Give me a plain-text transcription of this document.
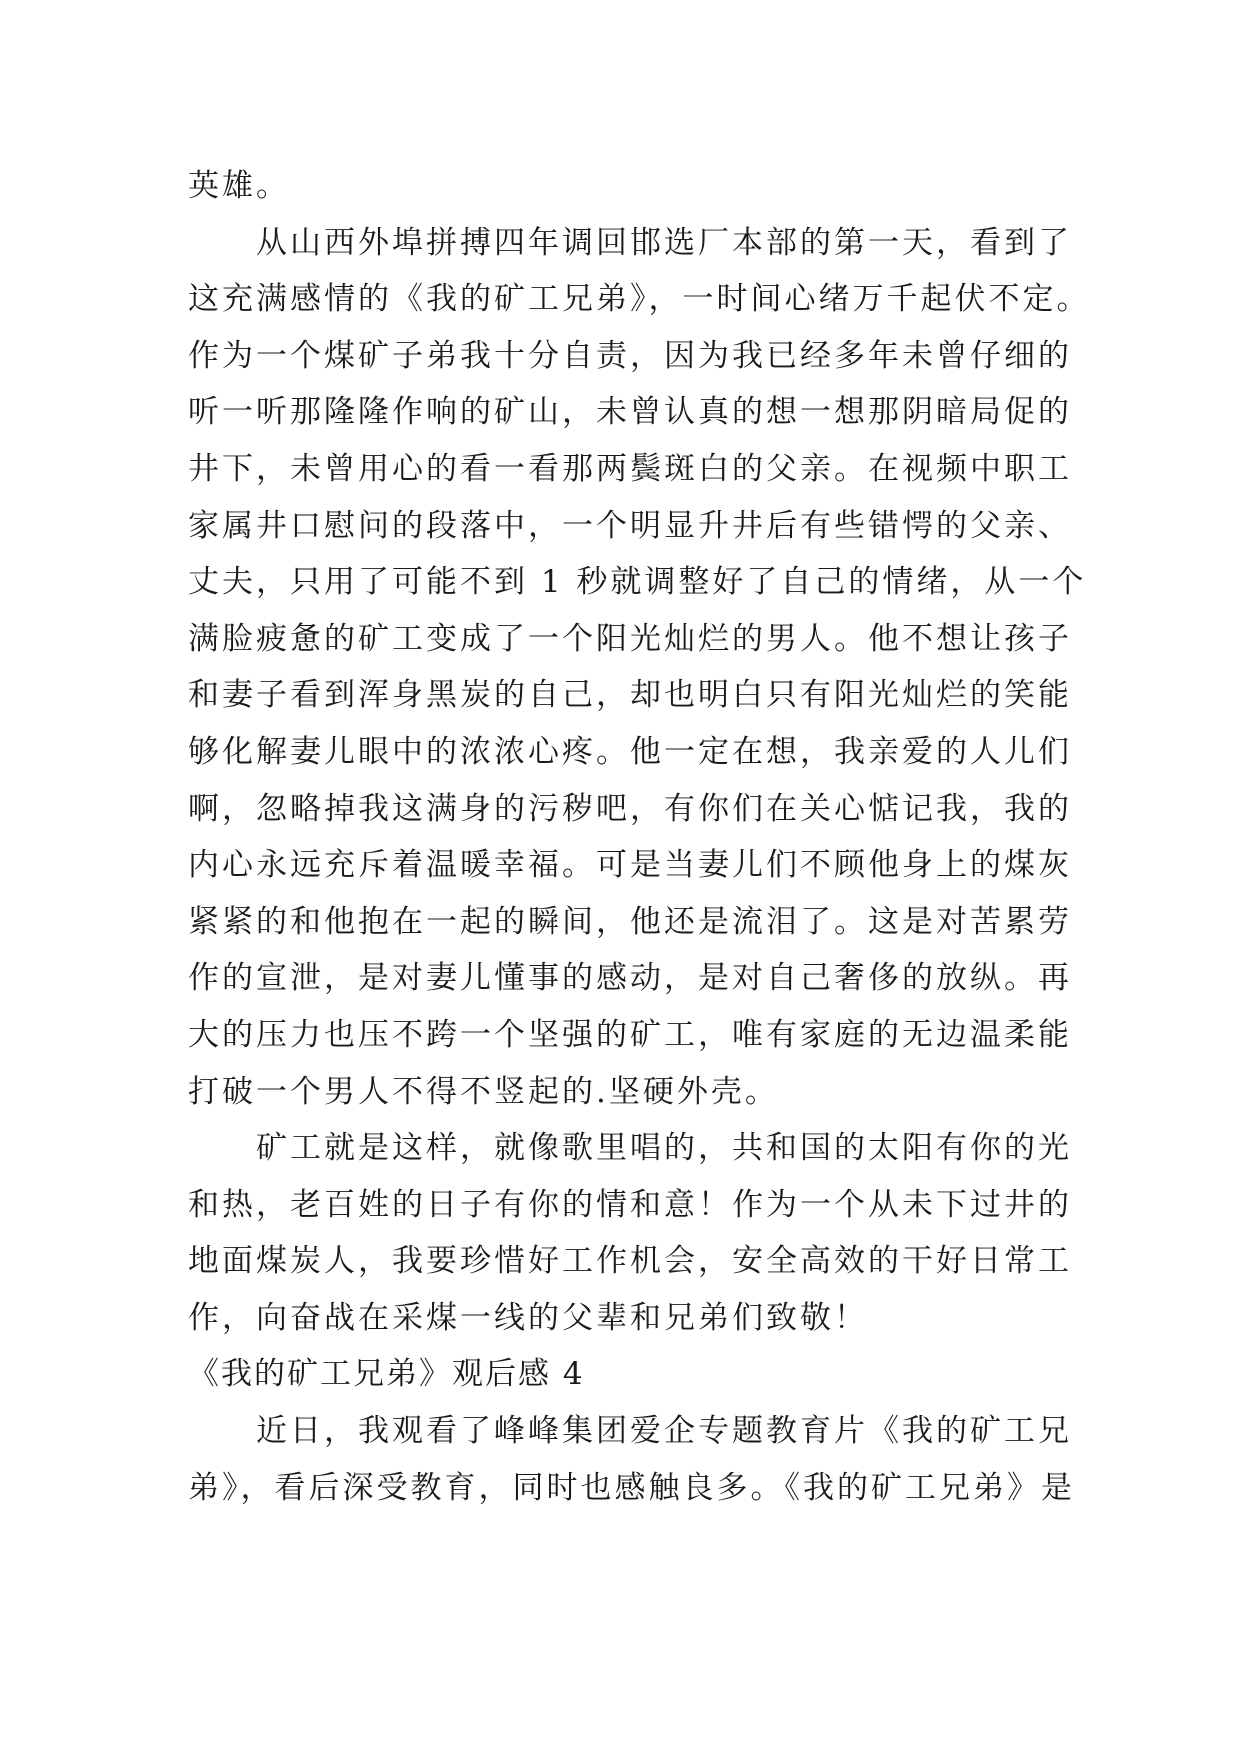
英雄。
从山西外埠拼搏四年调回邯选厂本部的第一天，看到了
这充满感情的《我的矿工兄弟》，一时间心绪万千起伏不定。
作为一个煤矿子弟我十分自责，因为我已经多年未曾仔细的
听一听那隆隆作响的矿山，未曾认真的想一想那阴暗局促的
井下，未曾用心的看一看那两鬓斑白的父亲。在视频中职工
家属井口慰问的段落中，一个明显升井后有些错愕的父亲、
丈夫，只用了可能不到 1 秒就调整好了自己的情绪，从一个
满脸疲惫的矿工变成了一个阳光灿烂的男人。他不想让孩子
和妻子看到浑身黑炭的自己，却也明白只有阳光灿烂的笑能
够化解妻儿眼中的浓浓心疼。他一定在想，我亲爱的人儿们
啊，忽略掉我这满身的污秽吧，有你们在关心惦记我，我的
内心永远充斥着温暖幸福。可是当妻儿们不顾他身上的煤灰
紧紧的和他抱在一起的瞬间，他还是流泪了。这是对苦累劳
作的宣泄，是对妻儿懂事的感动，是对自己奢侈的放纵。再
大的压力也压不跨一个坚强的矿工，唯有家庭的无边温柔能
打破一个男人不得不竖起的.坚硬外壳。
矿工就是这样，就像歌里唱的，共和国的太阳有你的光
和热，老百姓的日子有你的情和意！作为一个从未下过井的
地面煤炭人，我要珍惜好工作机会，安全高效的干好日常工
作，向奋战在采煤一线的父辈和兄弟们致敬！
《我的矿工兄弟》观后感 4
近日，我观看了峰峰集团爱企专题教育片《我的矿工兄
弟》，看后深受教育，同时也感触良多。《我的矿工兄弟》是
